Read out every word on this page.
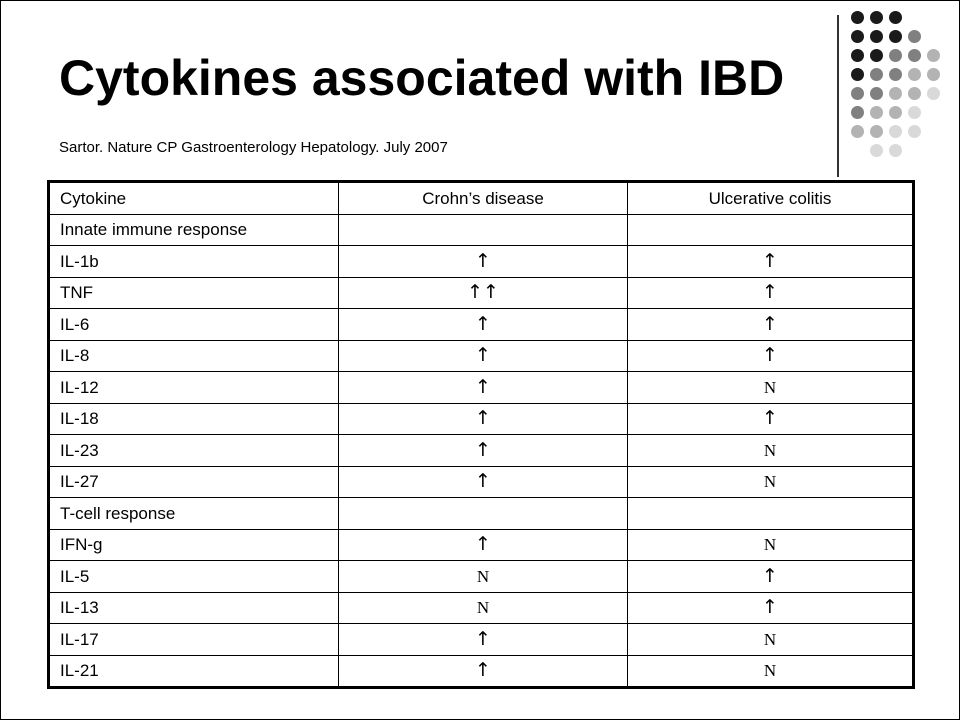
Cytokines associated with IBD
Sartor. Nature CP Gastroenterology Hepatology. July 2007
Cytokine	Crohn’s disease	Ulcerative colitis
Innate immune response		
IL-1b	↑	↑
TNF	↑↑	↑
IL-6	↑	↑
IL-8	↑	↑
IL-12	↑	N
IL-18	↑	↑
IL-23	↑	N
IL-27	↑	N
T-cell response		
IFN-g	↑	N
IL-5	N	↑
IL-13	N	↑
IL-17	↑	N
IL-21	↑	N
